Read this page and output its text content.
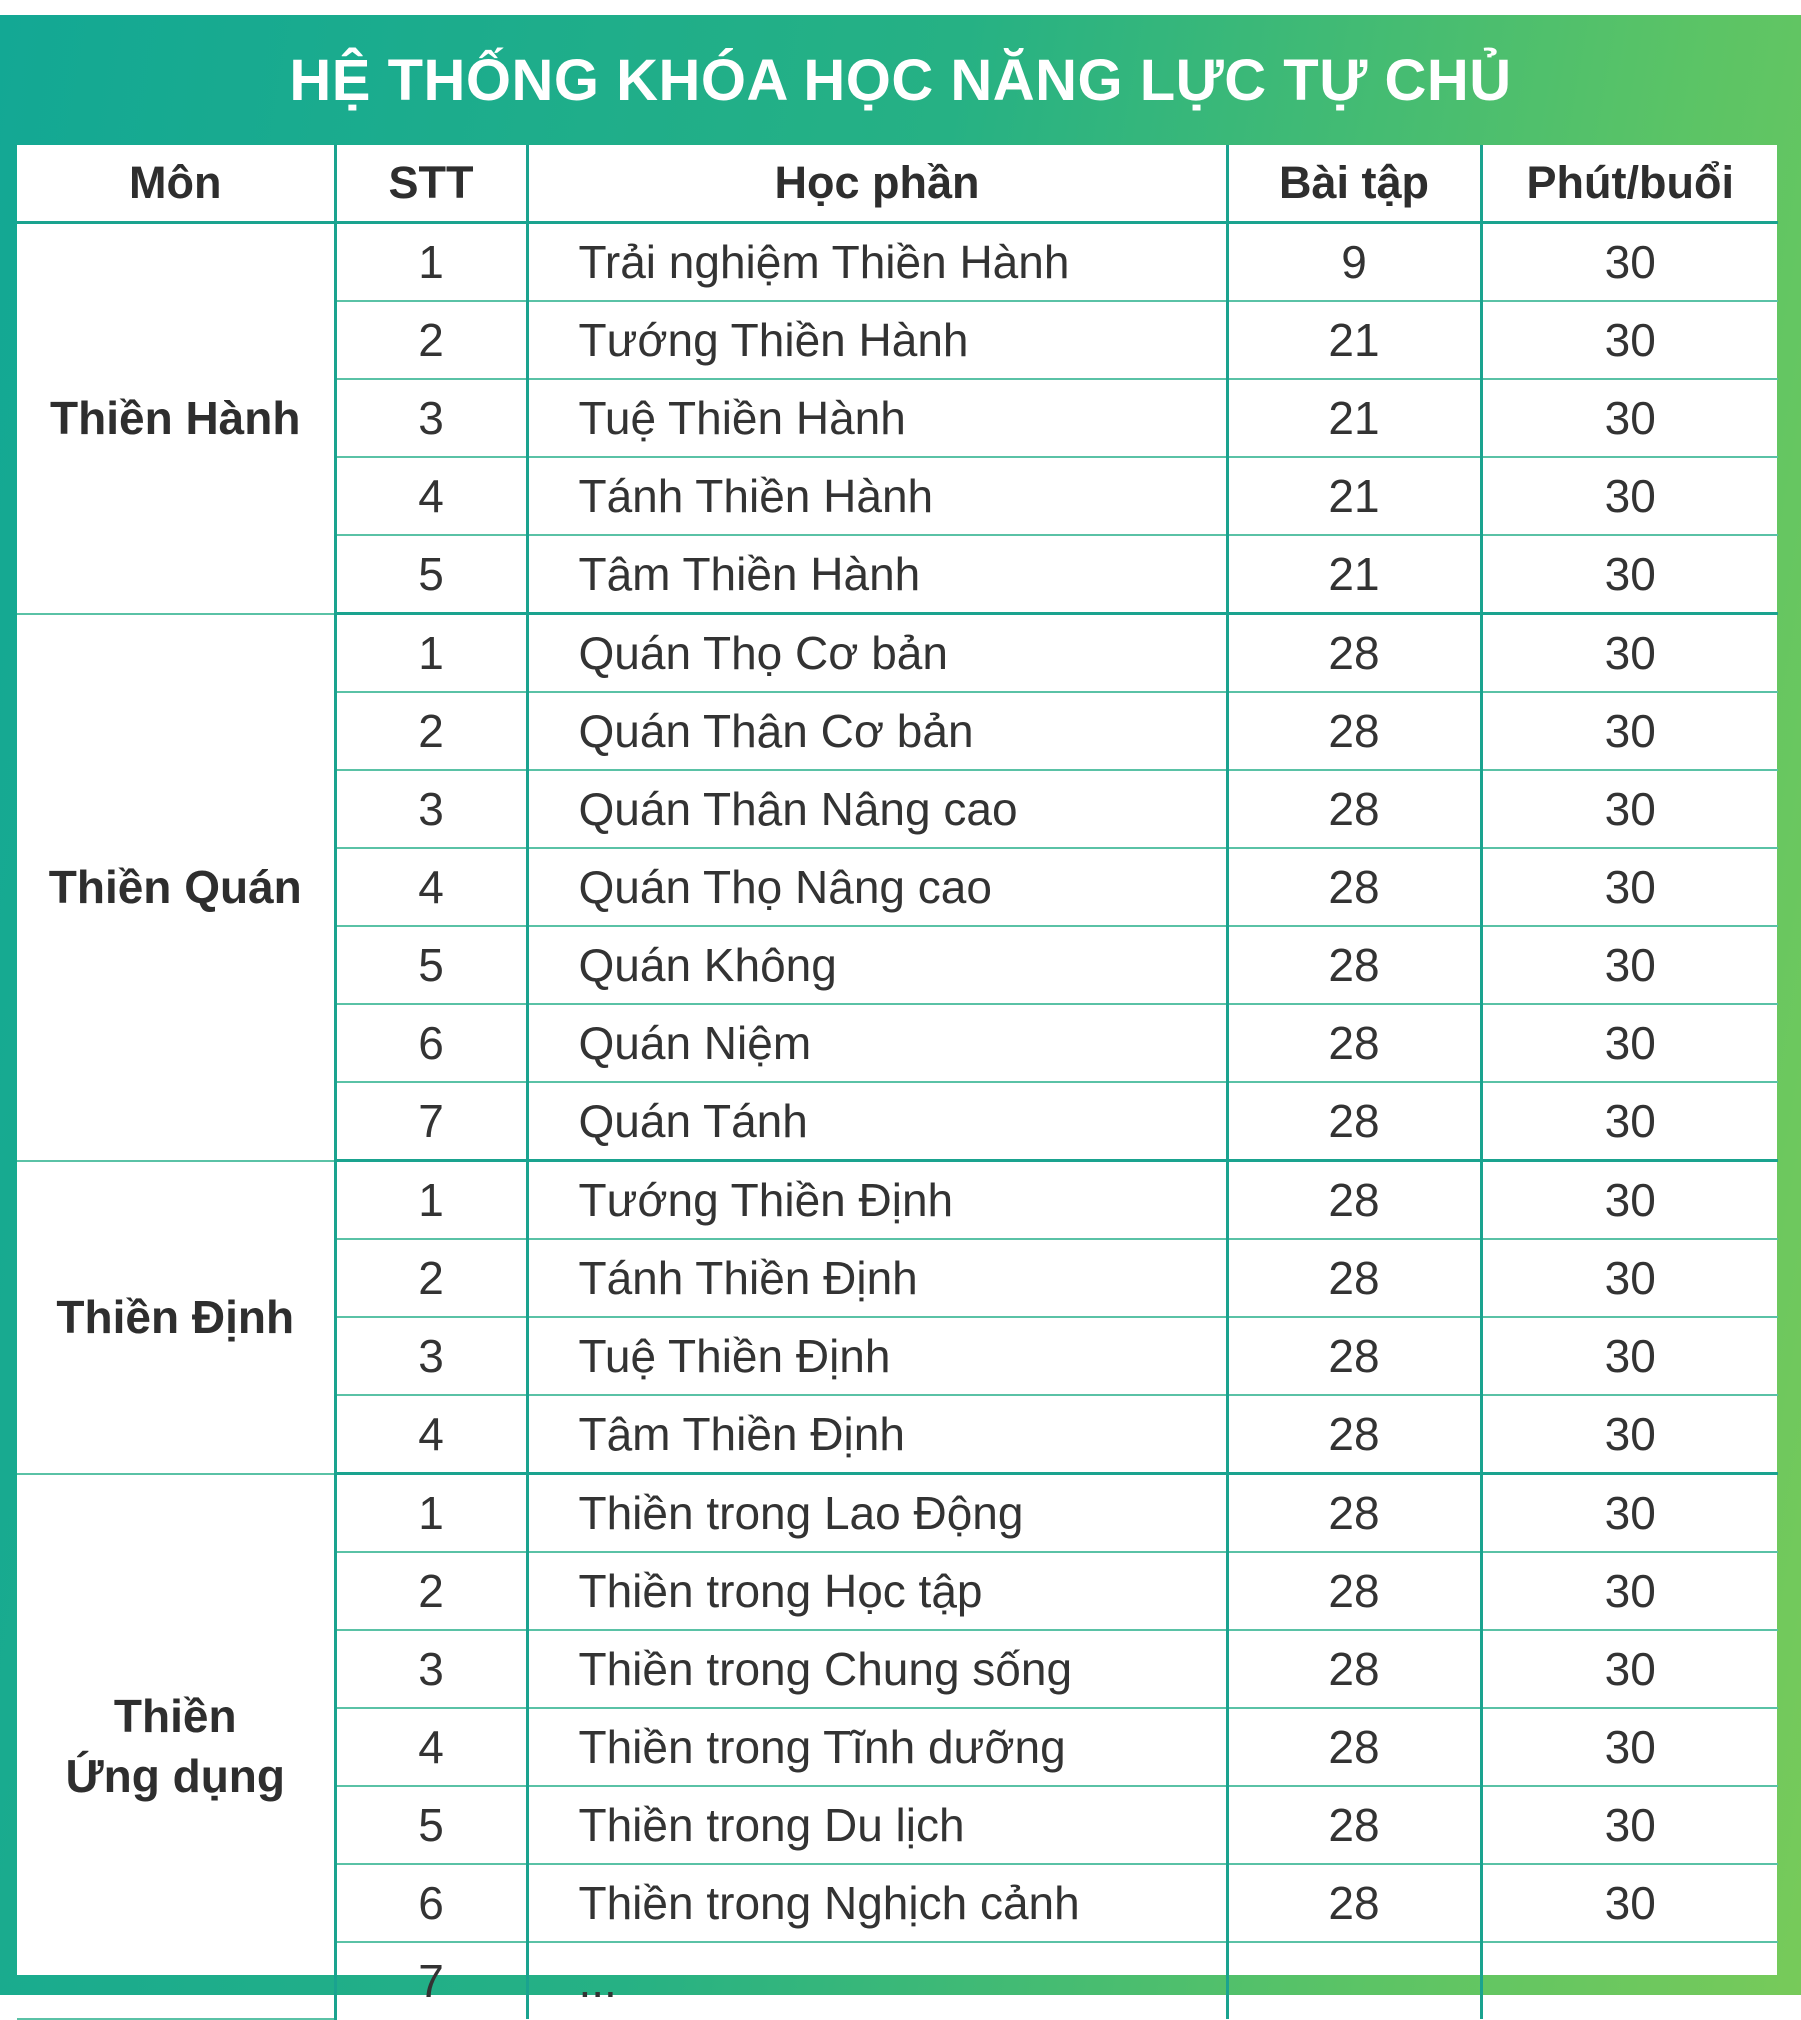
HỆ THỐNG KHÓA HỌC NĂNG LỰC TỰ CHỦ
Môn	STT	Học phần	Bài tập	Phút/buổi
Thiền Hành	1	Trải nghiệm Thiền Hành	9	30
	2	Tướng Thiền Hành	21	30
	3	Tuệ Thiền Hành	21	30
	4	Tánh Thiền Hành	21	30
	5	Tâm Thiền Hành	21	30
Thiền Quán	1	Quán Thọ Cơ bản	28	30
	2	Quán Thân Cơ bản	28	30
	3	Quán Thân Nâng cao	28	30
	4	Quán Thọ Nâng cao	28	30
	5	Quán Không	28	30
	6	Quán Niệm	28	30
	7	Quán Tánh	28	30
Thiền Định	1	Tướng Thiền Định	28	30
	2	Tánh Thiền Định	28	30
	3	Tuệ Thiền Định	28	30
	4	Tâm Thiền Định	28	30

Thiền
Ứng dụng	1	Thiền trong Lao Động	28	30
	2	Thiền trong Học tập	28	30
	3	Thiền trong Chung sống	28	30
	4	Thiền trong Tĩnh dưỡng	28	30
	5	Thiền trong Du lịch	28	30
	6	Thiền trong Nghịch cảnh	28	30
	7	...		
